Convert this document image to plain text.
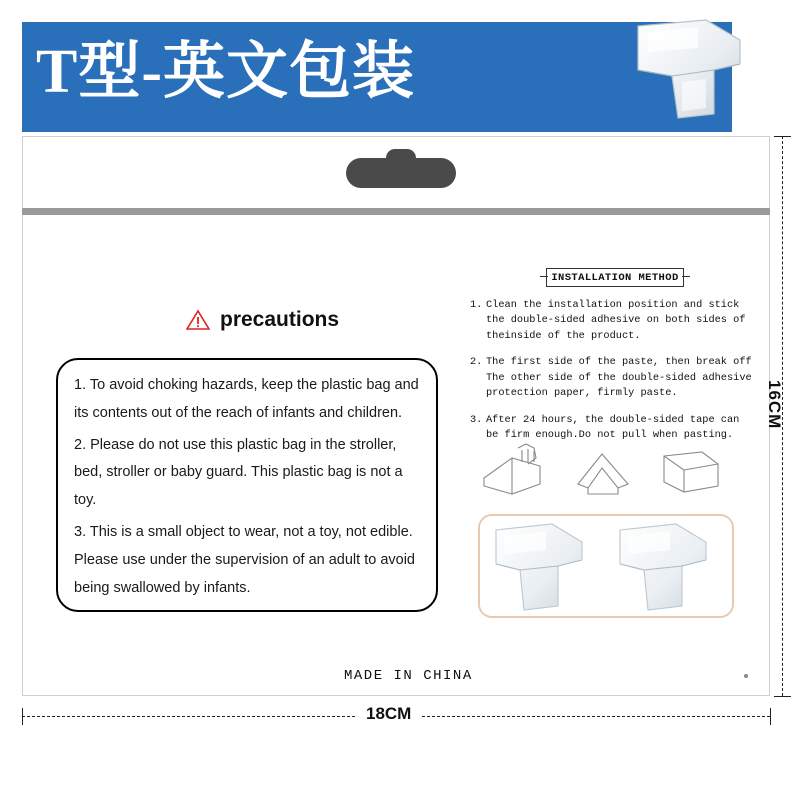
T型-英文包装
precautions

1. To avoid choking hazards, keep the plastic bag and its contents out of the reach of infants and children.

2. Please do not use this plastic bag in the stroller, bed, stroller or baby guard. This plastic bag is not a toy.

3. This is a small object to wear, not a toy, not edible. Please use under the supervision of an adult to avoid being swallowed by infants.

INSTALLATION METHOD
1. Clean the installation position and stick the double-sided adhesive on both sides of theinside of the product.
2. The first side of the paste, then break off The other side of the double-sided adhesive protection paper, firmly paste.
3. After 24 hours, the double-sided tape can be firm enough.Do not pull when pasting.
MADE IN CHINA
16CM
18CM
